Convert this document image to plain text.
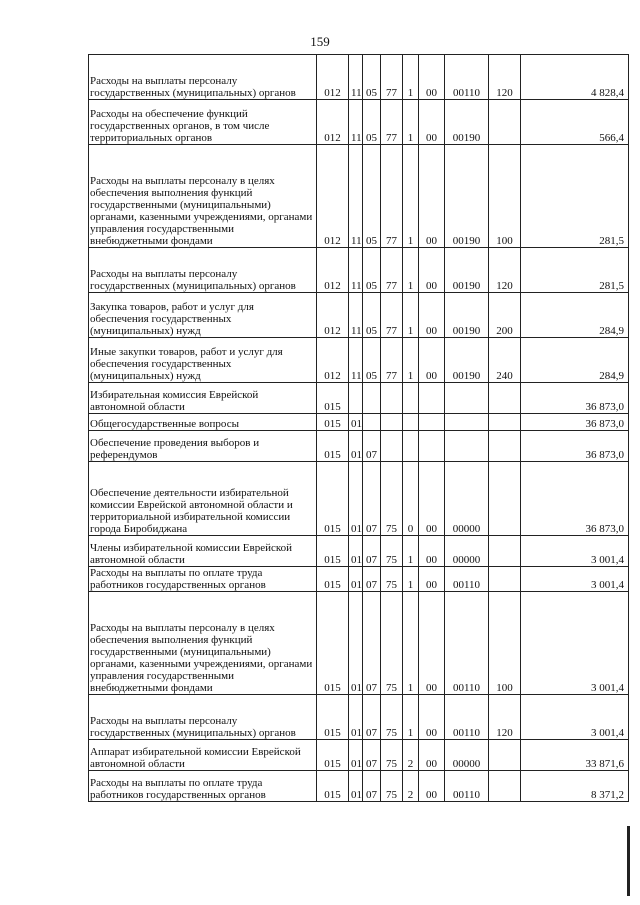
159
Расходы на выплаты персоналу государственных (муниципальных) органов	012	11	05	77	1	00	00110	120	4 828,4
Расходы на обеспечение функций государственных органов, в том числе территориальных органов	012	11	05	77	1	00	00190		566,4
Расходы на выплаты персоналу в целях обеспечения выполнения функций государственными (муниципальными) органами, казенными учреждениями, органами управления государственными внебюджетными фондами	012	11	05	77	1	00	00190	100	281,5
Расходы на выплаты персоналу государственных (муниципальных) органов	012	11	05	77	1	00	00190	120	281,5
Закупка товаров, работ и услуг для обеспечения государственных (муниципальных) нужд	012	11	05	77	1	00	00190	200	284,9
Иные закупки товаров, работ и услуг для обеспечения государственных (муниципальных) нужд	012	11	05	77	1	00	00190	240	284,9
Избирательная комиссия Еврейской автономной области	015								36 873,0
Общегосударственные вопросы	015	01							36 873,0
Обеспечение проведения выборов и референдумов	015	01	07						36 873,0
Обеспечение деятельности избирательной комиссии Еврейской автономной области и территориальной избирательной комиссии города Биробиджана	015	01	07	75	0	00	00000		36 873,0
Члены избирательной комиссии Еврейской автономной области	015	01	07	75	1	00	00000		3 001,4
Расходы на выплаты по оплате труда работников государственных органов	015	01	07	75	1	00	00110		3 001,4
Расходы на выплаты персоналу в целях обеспечения выполнения функций государственными (муниципальными) органами, казенными учреждениями, органами управления государственными внебюджетными фондами	015	01	07	75	1	00	00110	100	3 001,4
Расходы на выплаты персоналу государственных (муниципальных) органов	015	01	07	75	1	00	00110	120	3 001,4
Аппарат избирательной комиссии Еврейской автономной области	015	01	07	75	2	00	00000		33 871,6
Расходы на выплаты по оплате труда работников государственных органов	015	01	07	75	2	00	00110		8 371,2
